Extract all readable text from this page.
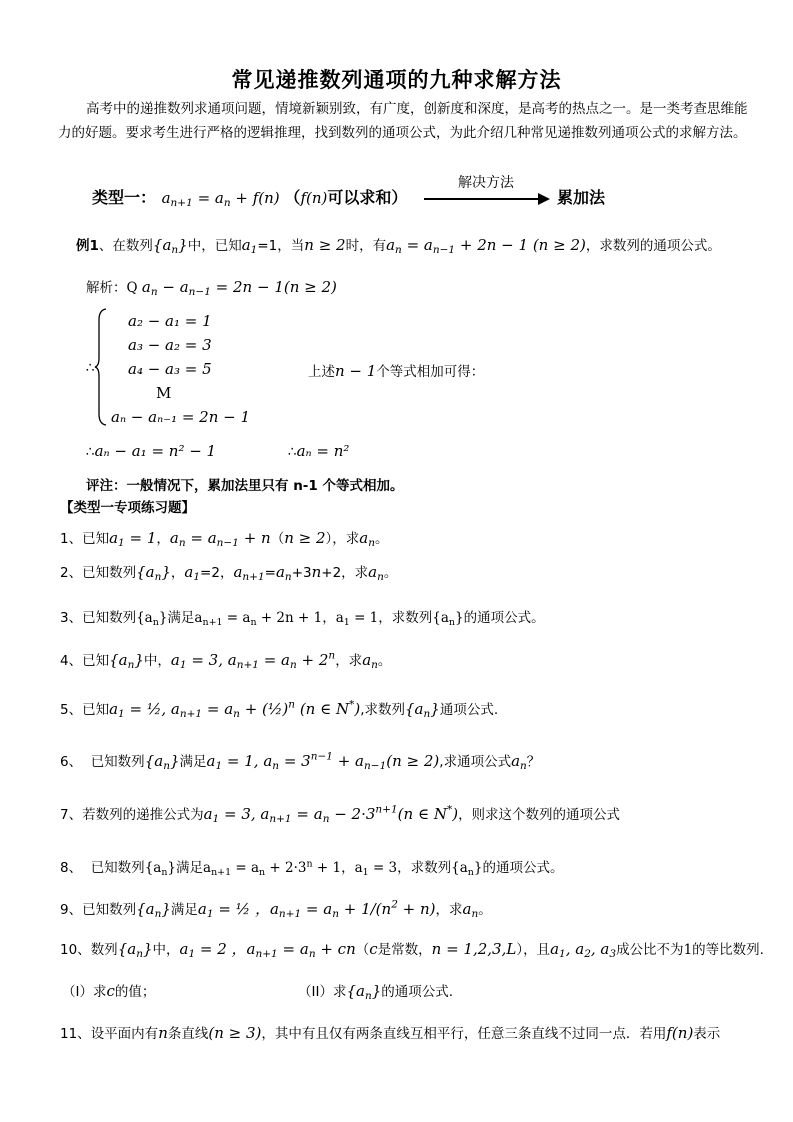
常见递推数列通项的九种求解方法
高考中的递推数列求通项问题，情境新颖别致，有广度，创新度和深度，是高考的热点之一。是一类考查思维能力的好题。要求考生进行严格的逻辑推理，找到数列的通项公式，为此介绍几种常见递推数列通项公式的求解方法。
类型一： $a_{n+1} = a_n + f(n)$ （f(n)可以求和）
解决方法
累加法
例1、在数列$\{a_n\}$中，已知$a_1=1$，当n ≥ 2时，有$a_n = a_{n-1} + 2n - 1$ (n ≥ 2)，求数列的通项公式。
解析：Q $a_n - a_{n-1} = 2n - 1(n \ge 2)$
∴
a₂ − a₁ = 1
a₃ − a₂ = 3
a₄ − a₃ = 5
M
aₙ − aₙ₋₁ = 2n − 1
上述n − 1个等式相加可得：
∴aₙ − a₁ = n² − 1	∴aₙ = n²
评注：一般情况下，累加法里只有 n-1 个等式相加。
【类型一专项练习题】
1、已知$a_1 = 1$，$a_n = a_{n-1} + n(n \ge 2)$，求$a_n$。
2、已知数列$\{a_n\}$，$a_1=2$，$a_{n+1}=a_n+3n+2$，求$a_n$。
3、已知数列$\{a_n\}$满足$a_{n+1} = a_n + 2n + 1$，$a_1 = 1$，求数列$\{a_n\}$的通项公式。
4、已知$\{a_n\}$中，$a_1 = 3$, $a_{n+1} = a_n + 2^n$，求$a_n$。
5、已知$a_1$ = ½, $a_{n+1} = a_n$ + (½)$^n$ (n ∈ N*),求数列$\{a_n\}$通项公式.
6、 已知数列$\{a_n\}$满足$a_1 = 1$, $a_n = 3^{n-1} + a_{n-1}(n \ge 2)$,求通项公式$a_n$？
7、若数列的递推公式为$a_1 = 3$, $a_{n+1} = a_n - 2\cdot 3^{n+1}(n$ ∈ N*)，则求这个数列的通项公式
8、 已知数列$\{a_n\}$满足$a_{n+1} = a_n + 2\cdot 3^n + 1$，$a_1 = 3$，求数列$\{a_n\}$的通项公式。
9、已知数列$\{a_n\}$满足$a_1$ = ½ ，$a_{n+1} = a_n + 1/(n^2 + n)$，求$a_n$。
10、数列$\{a_n\}$中，$a_1 = 2$ ，$a_{n+1} = a_n + cn(c$是常数，n = 1,2,3,L），且$a_1$, $a_2$, $a_3$成公比不为1的等比数列.
（I）求c的值；	（II）求$\{a_n\}$的通项公式.
11、设平面内有n条直线(n ≥ 3)，其中有且仅有两条直线互相平行，任意三条直线不过同一点．若用f(n)表示
